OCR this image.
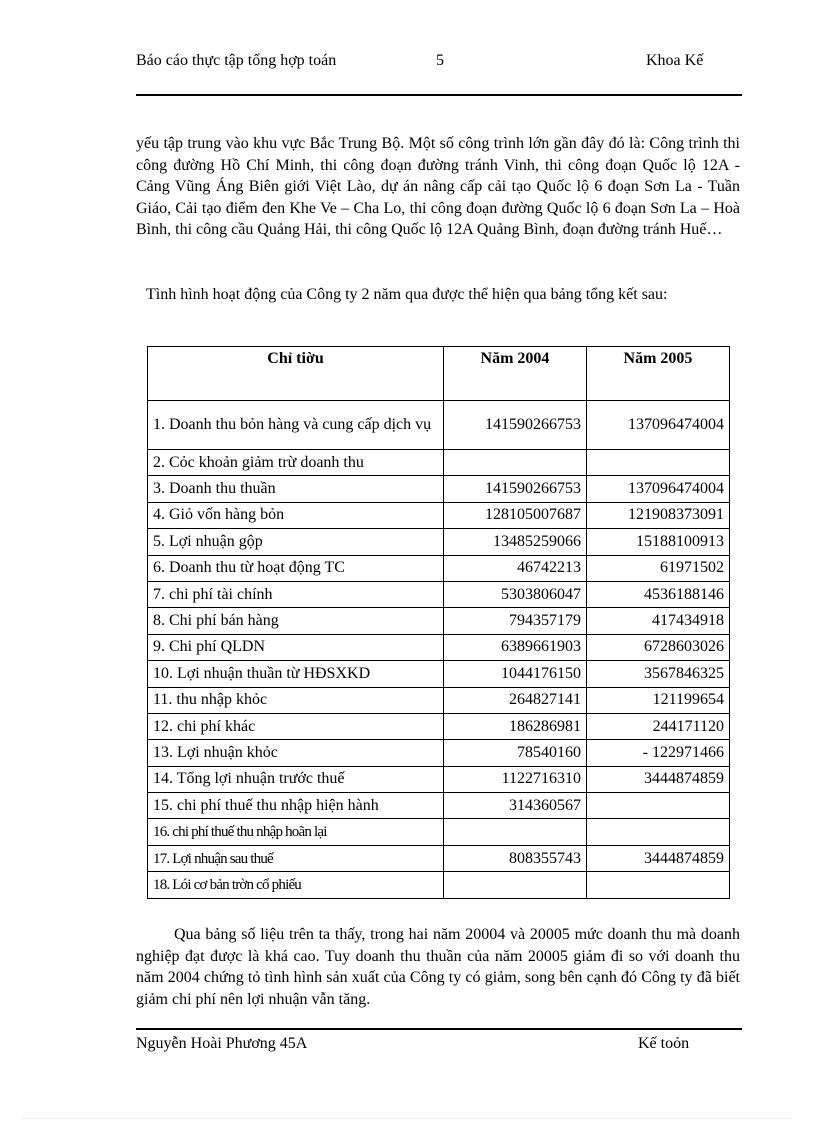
Báo cáo thực tập tổng hợp toán	5	Khoa Kế

yếu tập trung vào khu vực Bắc Trung Bộ. Một số công trình lớn gần đây đó là: Công trình thi công đường Hồ Chí Minh, thi công đoạn đường tránh Vinh, thi công đoạn Quốc lộ 12A - Cảng Vũng Áng Biên giới Việt Lào, dự án nâng cấp cải tạo Quốc lộ 6 đoạn Sơn La - Tuần Giáo, Cải tạo điểm đen Khe Ve – Cha Lo, thi công đoạn đường Quốc lộ 6 đoạn Sơn La – Hoà Bình, thi công cầu Quảng Hải, thi công Quốc lộ 12A Quảng Bình, đoạn đường tránh Huế…

Tình hình hoạt động của Công ty 2 năm qua được thể hiện qua bảng tổng kết sau:

Chỉ tiờu	Năm 2004	Năm 2005
1. Doanh thu bỏn hàng và cung cấp dịch vụ	141590266753	137096474004
2. Cỏc khoản giảm trừ doanh thu		
3. Doanh thu thuần	141590266753	137096474004
4. Giỏ vốn hàng bỏn	128105007687	121908373091
5. Lợi nhuận gộp	13485259066	15188100913
6. Doanh thu từ hoạt động TC	46742213	61971502
7. chi phí tài chính	5303806047	4536188146
8. Chi phí bán hàng	794357179	417434918
9. Chi phí QLDN	6389661903	6728603026
10. Lợi nhuận thuần từ HĐSXKD	1044176150	3567846325
11. thu nhập khỏc	264827141	121199654
12. chi phí khác	186286981	244171120
13. Lợi nhuận khỏc	78540160	- 122971466
14. Tổng lợi nhuận trước thuế	1122716310	3444874859
15. chi phí thuế thu nhập hiện hành	314360567	
16. chi phí thuế thu nhập hoãn lại		
17. Lợi nhuận sau thuế	808355743	3444874859
18. Lói cơ bản trờn cổ phiếu		

Qua bảng số liệu trên ta thấy, trong hai năm 20004 và 20005 mức doanh thu mà doanh nghiệp đạt được là khá cao. Tuy doanh thu thuần của năm 20005 giảm đi so với doanh thu năm 2004 chứng tỏ tình hình sản xuất của Công ty có giảm, song bên cạnh đó Công ty đã biết giảm chi phí nên lợi nhuận vẫn tăng.

Nguyễn Hoài Phương 45A	Kế toỏn
